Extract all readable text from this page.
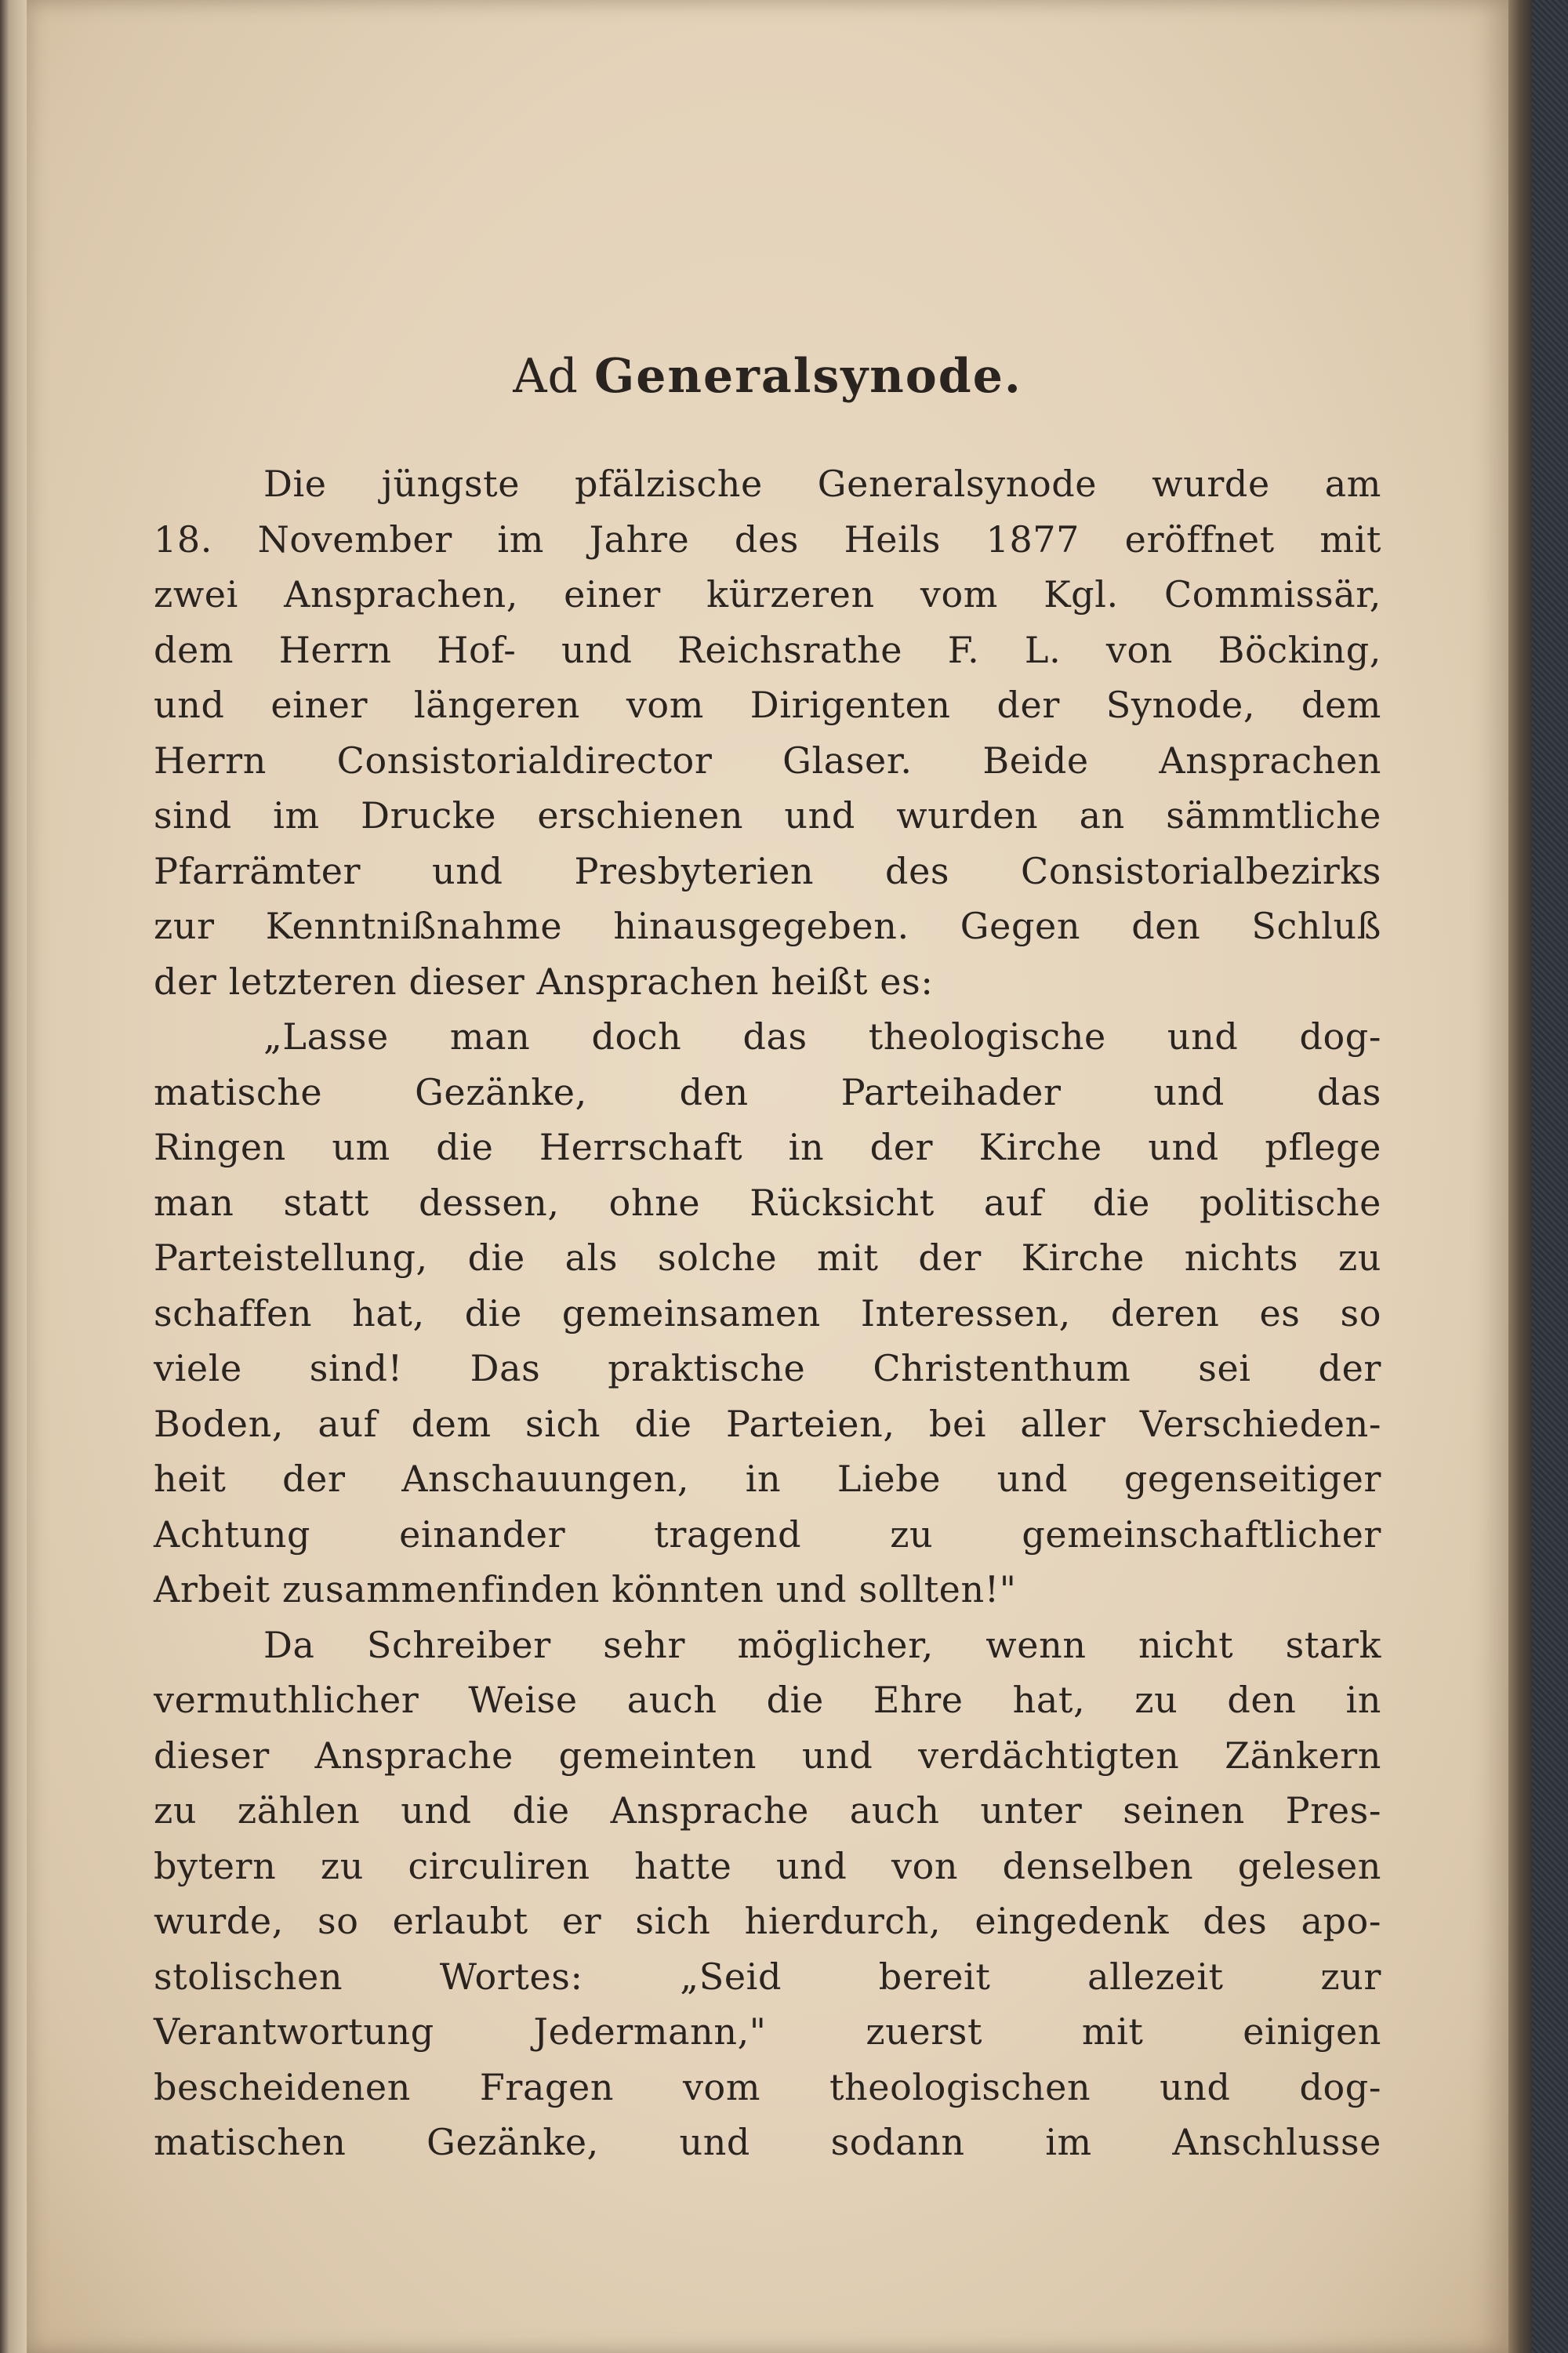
Ad Generalsynode.
Die jüngste pfälzische Generalsynode wurde am
18. November im Jahre des Heils 1877 eröffnet mit
zwei Ansprachen, einer kürzeren vom Kgl. Commissär,
dem Herrn Hof- und Reichsrathe F. L. von Böcking,
und einer längeren vom Dirigenten der Synode, dem
Herrn Consistorialdirector Glaser. Beide Ansprachen
sind im Drucke erschienen und wurden an sämmtliche
Pfarrämter und Presbyterien des Consistorialbezirks
zur Kenntnißnahme hinausgegeben. Gegen den Schluß
der letzteren dieser Ansprachen heißt es:
„Lasse man doch das theologische und dog-
matische Gezänke, den Parteihader und das
Ringen um die Herrschaft in der Kirche und pflege
man statt dessen, ohne Rücksicht auf die politische
Parteistellung, die als solche mit der Kirche nichts zu
schaffen hat, die gemeinsamen Interessen, deren es so
viele sind! Das praktische Christenthum sei der
Boden, auf dem sich die Parteien, bei aller Verschieden-
heit der Anschauungen, in Liebe und gegenseitiger
Achtung einander tragend zu gemeinschaftlicher
Arbeit zusammenfinden könnten und sollten!"
Da Schreiber sehr möglicher, wenn nicht stark
vermuthlicher Weise auch die Ehre hat, zu den in
dieser Ansprache gemeinten und verdächtigten Zänkern
zu zählen und die Ansprache auch unter seinen Pres-
bytern zu circuliren hatte und von denselben gelesen
wurde, so erlaubt er sich hierdurch, eingedenk des apo-
stolischen Wortes: „Seid bereit allezeit zur
Verantwortung Jedermann," zuerst mit einigen
bescheidenen Fragen vom theologischen und dog-
matischen Gezänke, und sodann im Anschlusse
